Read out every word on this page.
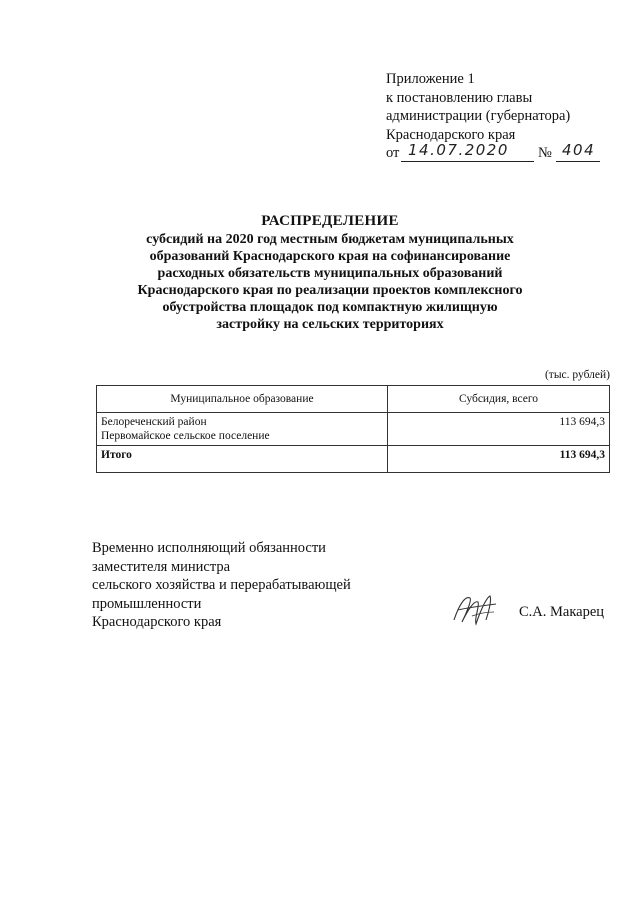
Приложение 1
к постановлению главы
администрации (губернатора)
Краснодарского края
от 14.07.2020 № 404
РАСПРЕДЕЛЕНИЕ
субсидий на 2020 год местным бюджетам муниципальных
образований Краснодарского края на софинансирование
расходных обязательств муниципальных образований
Краснодарского края по реализации проектов комплексного
обустройства площадок под компактную жилищную
застройку на сельских территориях
(тыс. рублей)
Муниципальное образование	Субсидия, всего

Белореченский район
Первомайское сельское поселение	113 694,3
Итого	113 694,3
Временно исполняющий обязанности
заместителя министра
сельского хозяйства и перерабатывающей
промышленности
Краснодарского края
С.А. Макарец
